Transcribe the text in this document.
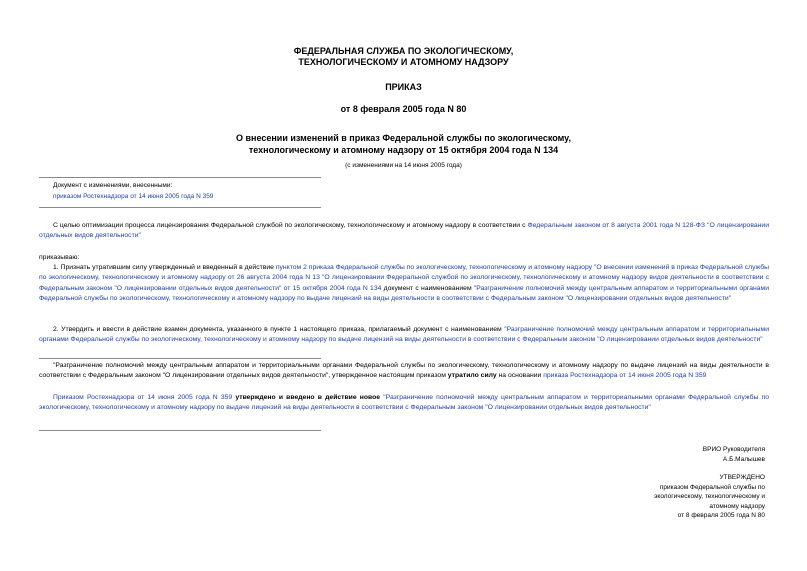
ФЕДЕРАЛЬНАЯ СЛУЖБА ПО ЭКОЛОГИЧЕСКОМУ,
ТЕХНОЛОГИЧЕСКОМУ И АТОМНОМУ НАДЗОРУ
ПРИКАЗ
от 8 февраля 2005 года N 80
О внесении изменений в приказ Федеральной службы по экологическому,
технологическому и атомному надзору от 15 октября 2004 года N 134
(с изменениями на 14 июня 2005 года)
Документ с изменениями, внесенными:
приказом Ростехнадзора от 14 июня 2005 года N 359
С целью оптимизации процесса лицензирования Федеральной службой по экологическому, технологическому и атомному надзору в соответствии с Федеральным законом от 8 августа 2001 года N 128-ФЗ "О лицензировании отдельных видов деятельности"
приказываю:
1. Признать утратившим силу утвержденный и введенный в действие пунктом 2 приказа Федеральной службы по экологическому, технологическому и атомному надзору "О внесении изменений в приказ Федеральной службы по экологическому, технологическому и атомному надзору от 26 августа 2004 года N 13 "О лицензировании Федеральной службой по экологическому, технологическому и атомному надзору видов деятельности в соответствии с Федеральным законом "О лицензировании отдельных видов деятельности" от 15 октября 2004 года N 134 документ с наименованием "Разграничение полномочий между центральным аппаратом и территориальными органами Федеральной службы по экологическому, технологическому и атомному надзору по выдаче лицензий на виды деятельности в соответствии с Федеральным законом "О лицензировании отдельных видов деятельности"
2. Утвердить и ввести в действие взамен документа, указанного в пункте 1 настоящего приказа, прилагаемый документ с наименованием "Разграничение полномочий между центральным аппаратом и территориальными органами Федеральной службы по экологическому, технологическому и атомному надзору по выдаче лицензий на виды деятельности в соответствии с Федеральным законом "О лицензировании отдельных видов деятельности"
"Разграничение полномочий между центральным аппаратом и территориальными органами Федеральной службы по экологическому, технологическому и атомному надзору по выдаче лицензий на виды деятельности в соответствии с Федеральным законом "О лицензировании отдельных видов деятельности", утвержденное настоящим приказом утратило силу на основании приказа Ростехнадзора от 14 июня 2005 года N 359
Приказом Ростехнадзора от 14 июня 2005 года N 359 утверждено и введено в действие новое "Разграничение полномочий между центральным аппаратом и территориальными органами Федеральной службы по экологическому, технологическому и атомному надзору по выдаче лицензий на виды деятельности в соответствии с Федеральным законом "О лицензировании отдельных видов деятельности"
ВРИО Руководителя
А.Б.Малышев
УТВЕРЖДЕНО
приказом Федеральной службы по
экологическому, технологическому и
атомному надзору
от 8 февраля 2005 года N 80
